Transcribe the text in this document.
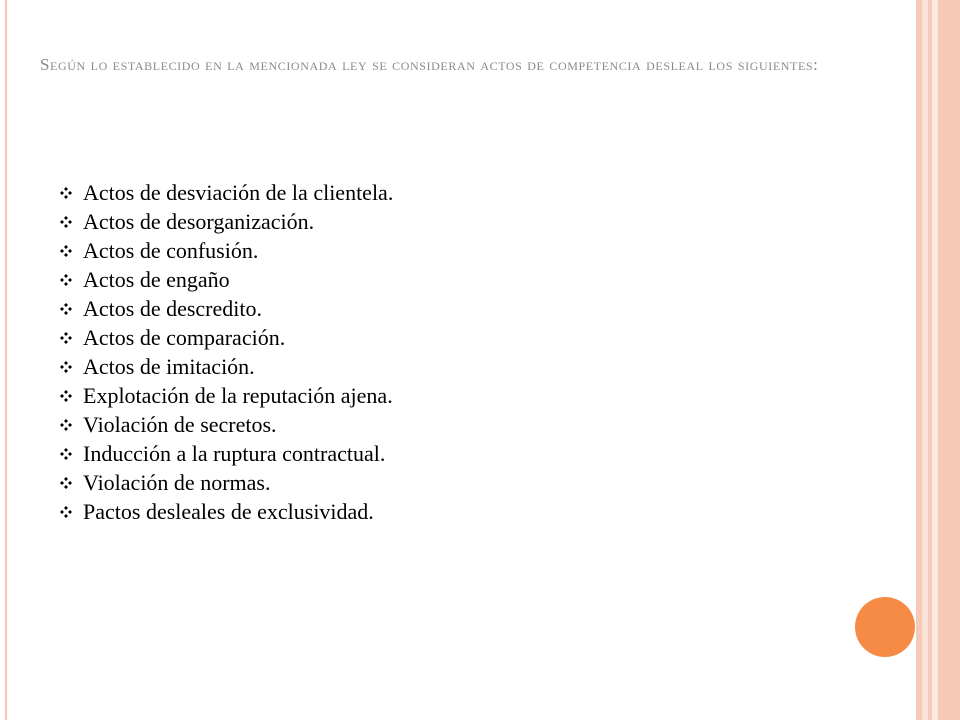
Según lo establecido en la mencionada ley se consideran actos de competencia desleal los siguientes:
Actos de desviación de la clientela.
Actos de desorganización.
Actos de confusión.
Actos de engaño
Actos de descredito.
Actos de comparación.
Actos de imitación.
Explotación de la reputación ajena.
Violación de secretos.
Inducción a la ruptura contractual.
Violación de normas.
Pactos desleales de exclusividad.
